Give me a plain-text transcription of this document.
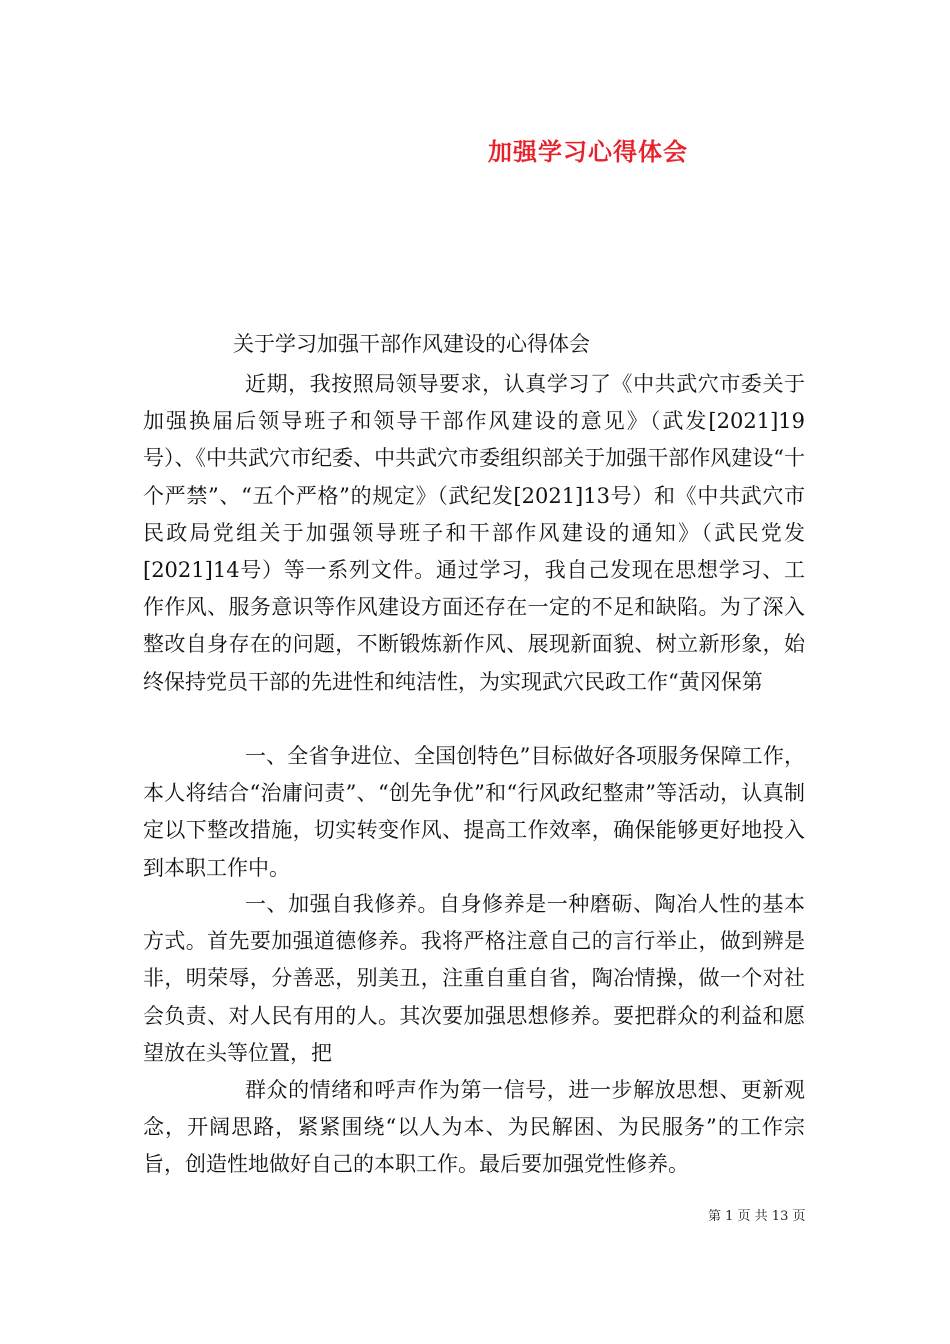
加强学习心得体会
关于学习加强干部作风建设的心得体会

近期，我按照局领导要求，认真学习了《中共武穴市委关于加强换届后领导班子和领导干部作风建设的意见》（武发[2021]19号）、《中共武穴市纪委、中共武穴市委组织部关于加强干部作风建设“十个严禁”、“五个严格”的规定》（武纪发[2021]13号）和《中共武穴市民政局党组关于加强领导班子和干部作风建设的通知》（武民党发[2021]14号）等一系列文件。通过学习，我自己发现在思想学习、工作作风、服务意识等作风建设方面还存在一定的不足和缺陷。为了深入整改自身存在的问题，不断锻炼新作风、展现新面貌、树立新形象，始终保持党员干部的先进性和纯洁性，为实现武穴民政工作“黄冈保第

一、全省争进位、全国创特色”目标做好各项服务保障工作，本人将结合“治庸问责”、“创先争优”和“行风政纪整肃”等活动，认真制定以下整改措施，切实转变作风、提高工作效率，确保能够更好地投入到本职工作中。

一、加强自我修养。自身修养是一种磨砺、陶冶人性的基本方式。首先要加强道德修养。我将严格注意自己的言行举止，做到辨是非，明荣辱，分善恶，别美丑，注重自重自省，陶冶情操，做一个对社会负责、对人民有用的人。其次要加强思想修养。要把群众的利益和愿望放在头等位置，把

群众的情绪和呼声作为第一信号，进一步解放思想、更新观念，开阔思路，紧紧围绕“以人为本、为民解困、为民服务”的工作宗旨，创造性地做好自己的本职工作。最后要加强党性修养。

第 1 页 共 13 页
